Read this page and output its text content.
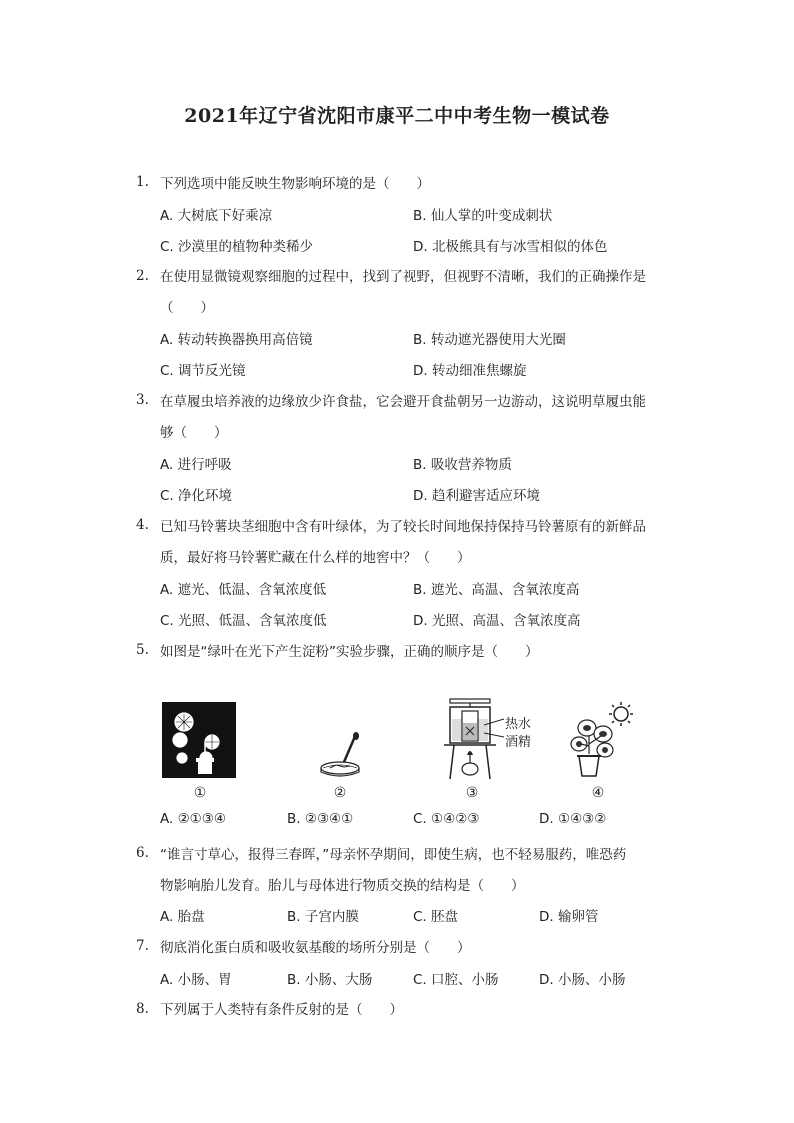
2021年辽宁省沈阳市康平二中中考生物一模试卷
1. 下列选项中能反映生物影响环境的是（　　）
A. 大树底下好乘凉	B. 仙人掌的叶变成刺状
C. 沙漠里的植物种类稀少	D. 北极熊具有与冰雪相似的体色
2. 在使用显微镜观察细胞的过程中，找到了视野，但视野不清晰，我们的正确操作是
（　　）
A. 转动转换器换用高倍镜	B. 转动遮光器使用大光圈
C. 调节反光镜	D. 转动细准焦螺旋
3. 在草履虫培养液的边缘放少许食盐，它会避开食盐朝另一边游动，这说明草履虫能
够（　　）
A. 进行呼吸	B. 吸收营养物质
C. 净化环境	D. 趋利避害适应环境
4. 已知马铃薯块茎细胞中含有叶绿体，为了较长时间地保持保持马铃薯原有的新鲜品
质，最好将马铃薯贮藏在什么样的地窖中？（　　）
A. 遮光、低温、含氧浓度低	B. 遮光、高温、含氧浓度高
C. 光照、低温、含氧浓度低	D. 光照、高温、含氧浓度高
5. 如图是“绿叶在光下产生淀粉”实验步骤，正确的顺序是（　　）
①	②
热水
酒精
③	④
A. ②①③④	B. ②③④①	C. ①④②③	D. ①④③②
6. “谁言寸草心，报得三春晖，”母亲怀孕期间，即使生病，也不轻易服药，唯恐药
物影响胎儿发育。胎儿与母体进行物质交换的结构是（　　）
A. 胎盘	B. 子宫内膜	C. 胚盘	D. 输卵管
7. 彻底消化蛋白质和吸收氨基酸的场所分别是（　　）
A. 小肠、胃	B. 小肠、大肠	C. 口腔、小肠	D. 小肠、小肠
8. 下列属于人类特有条件反射的是（　　）
